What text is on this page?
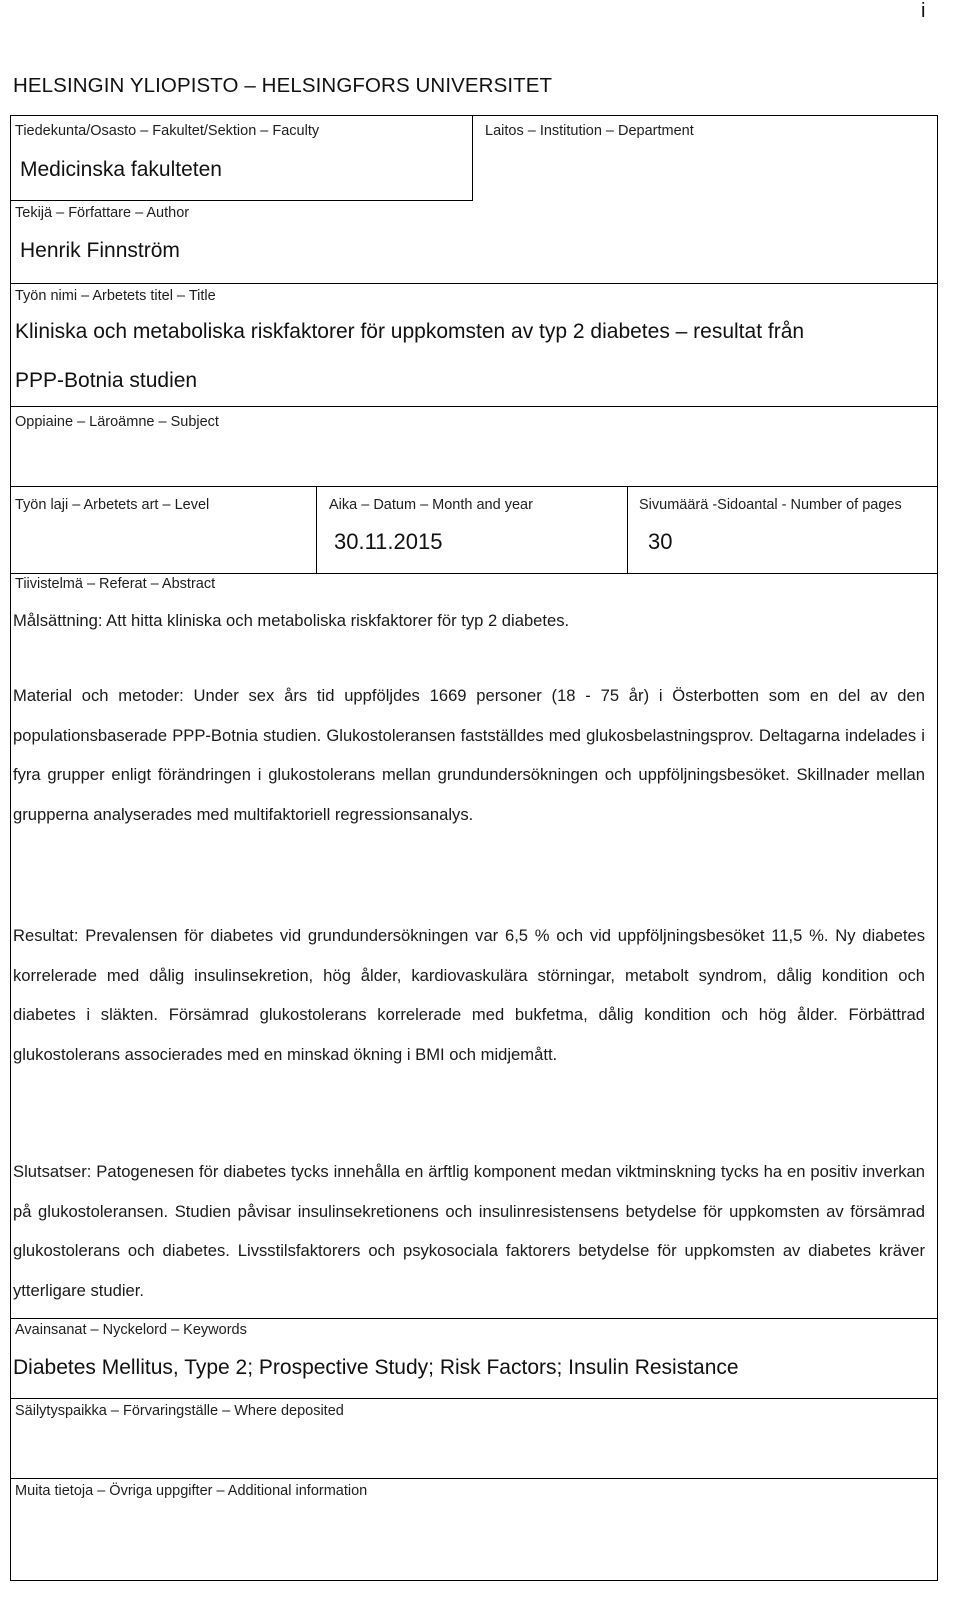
i
HELSINGIN YLIOPISTO – HELSINGFORS UNIVERSITET
Tiedekunta/Osasto – Fakultet/Sektion – Faculty
Medicinska fakulteten
Laitos – Institution – Department
Tekijä – Författare – Author
Henrik Finnström
Työn nimi – Arbetets titel – Title
Kliniska och metaboliska riskfaktorer för uppkomsten av typ 2 diabetes – resultat från
PPP-Botnia studien
Oppiaine – Läroämne – Subject
Työn laji – Arbetets art – Level	Aika – Datum – Month and year
30.11.2015
Sivumäärä -Sidoantal - Number of pages
30
Tiivistelmä – Referat – Abstract

Målsättning: Att hitta kliniska och metaboliska riskfaktorer för typ 2 diabetes.

Material och metoder: Under sex års tid uppföljdes 1669 personer (18 - 75 år) i Österbotten som en del av den populationsbaserade PPP-Botnia studien. Glukostoleransen fastställdes med glukosbelastningsprov. Deltagarna indelades i fyra grupper enligt förändringen i glukostolerans mellan grundundersökningen och uppföljningsbesöket. Skillnader mellan grupperna analyserades med multifaktoriell regressionsanalys.

Resultat: Prevalensen för diabetes vid grundundersökningen var 6,5 % och vid uppföljningsbesöket 11,5 %. Ny diabetes korrelerade med dålig insulinsekretion, hög ålder, kardiovaskulära störningar, metabolt syndrom, dålig kondition och diabetes i släkten. Försämrad glukostolerans korrelerade med bukfetma, dålig kondition och hög ålder. Förbättrad glukostolerans associerades med en minskad ökning i BMI och midjemått.

Slutsatser: Patogenesen för diabetes tycks innehålla en ärftlig komponent medan viktminskning tycks ha en positiv inverkan på glukostoleransen. Studien påvisar insulinsekretionens och insulinresistensens betydelse för uppkomsten av försämrad glukostolerans och diabetes. Livsstilsfaktorers och psykosociala faktorers betydelse för uppkomsten av diabetes kräver ytterligare studier.

Avainsanat – Nyckelord – Keywords
Diabetes Mellitus, Type 2; Prospective Study; Risk Factors; Insulin Resistance
Säilytyspaikka – Förvaringställe – Where deposited
Muita tietoja – Övriga uppgifter – Additional information
